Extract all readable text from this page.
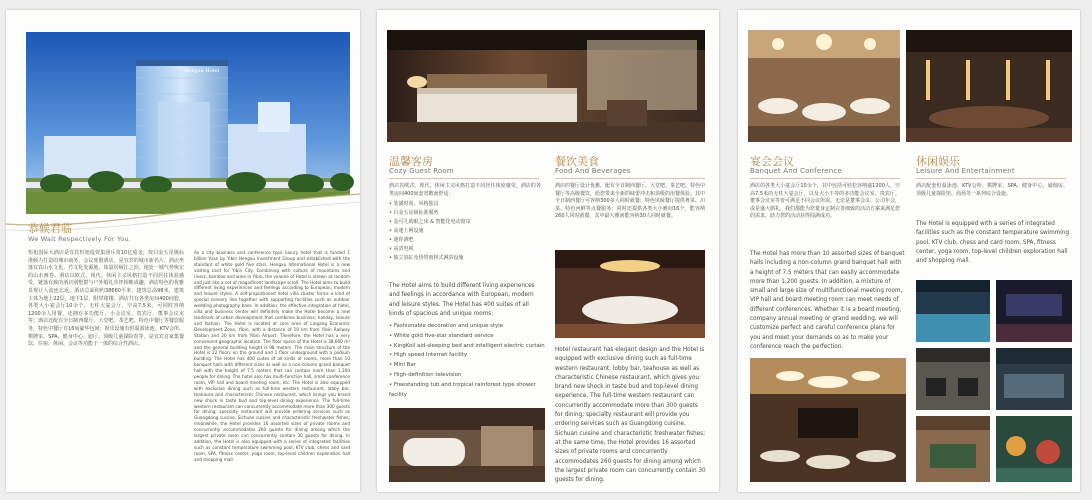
Hengxu Hotel
恭候君临
We Wait Respectively For You.
恒旭国际大酒店是宜宾恒旭投资集团斥资10亿重金，按白金五星级标准倾力打造的城市商务、会议度假酒店，是宜宾的城市新名片。酒店坐落宜宾山水文化、竹文化发源地，体量居岷江之滨，地处一城气势恢宏的山水画卷。酒店以欧式、现代、休闲主义风格打造不同居住体验感受。链落有致的酒店别墅群与户外婚礼草坪相映成趣，酒店特色的优雅景观让人流连忘返，酒店总面积约38660平米，建筑总高98米，建筑主体为地上22层，地下1层，附带裙楼。酒店共有各类房间400间套，各类大小宴会厅10余个，无柱大宴会厅，空高7.5米，可同时容纳1200余人用餐，还拥有多功能厅、小会议室、贵宾厅、董事会议室等；酒店还配有全日制西餐厅、大堂吧、茶艺吧、特色中餐厅等餐饮服务，特色中餐厅有16间豪华包间；娱乐设施有恒温游泳池、KTV会所、棋牌室、SPA、健身中心、迪厅、顶级儿童探险馆等，是宜宾首家集餐饮、住宿、休闲、会议等功能于一体的综合性酒店。
As a city business and conference type luxury hotel that is funded 1 billion Yuan by Yibin Hengxu Investment Group and established with the standard of white gold five stars, Hengxu International Hotel is a new visiting card for Yibin City. Combining with culture of mountains and rivers, bamboo and wine in Yibin, the volume of Hotel is strewn at random and just like a set of magnificent landscape scroll. The Hotel aims to build different living experiences and feelings according to European, modern and leisure styles. A self-proportioned hotel villa cluster forms a kind of special scenery line together with supporting facilities such as outdoor wedding photography base. In addition, the effective integration of hotel, villa and business center will definitely make the Hotel become a new landmark of urban development that combines business, holiday, leisure and fashion. The Hotel is located at core area of Lingang Economic Development Zone, Yibin, with a distance of 10 km from Yibin Railway Station and 20 km from Yibin Airport. Therefore, the Hotel has a very convenient geographic location. The floor space of the Hotel is 38,660 m² and the general building height is 98 meters. The main structure of the Hotel is 22 floors on the ground and 1 floor underground with a podium building. The Hotel has 400 suites of all kinds of rooms, more than 10 banquet halls with different sizes as well as a non-column grand banquet hall with the height of 7.5 meters that can contain more than 1,200 people for dining. The hotel also has multi-function hall, small conference room, VIP hall and board meeting room, etc. The Hotel is also equipped with exclusive dining such as full-time western restaurant, lobby bar, teahouse and characteristic Chinese restaurant, which brings you brand new shock in taste bud and top-level dining experience. The full-time western restaurant can concurrently accommodate more than 300 guests for dining; specialty restaurant will provide ordering services such as Guangdong cuisine, Sichuan cuisine and characteristic freshwater fishes; meanwhile, the Hotel provides 16 assorted sizes of private rooms and concurrently accommodates 260 guests for dining among which the largest private room can concurrently contain 30 guests for dining. In addition, the Hotel is also equipped with a series of integrated facilities such as constant temperature swimming pool, KTV club, chess and card room, SPA, fitness center, yoga room, top-level children exploration hall and shopping mall.
温馨客房
Cozy Guest Room
酒店以欧式、现代、休闲主义风格打造不同居住体验感受，酒店的各类房间400间套宽敞而舒适：
• 装潢时尚，风格独具
• 白金五星级标准服务
• 金可儿助眠之床 & 智能化电动窗帘
• 高速上网设施
• 迷你酒吧
• 高清电视
• 独立浴缸及热带雨林式淋浴设施
The Hotel aims to build different living experiences and feelings in accordance with European, modern and leisure styles. The Hotel has 400 suites of all kinds of spacious and unique rooms:
• Fashionable decoration and unique style
• White gold five-star standard service
• KingKoil aid-sleeping bed and intelligent electric curtain
• High speed Internet facility
• Mini Bar
• High-definition television
• Freestanding tub and tropical rainforest type shower facility
餐饮美食
Food And Beverages
酒店的餐厅设计优雅，配有全日制西餐厅、大堂吧、茶艺吧、特色中餐厅等高级餐饮，给您带来全新的味蕾冲击和顶级的用餐体验。其中全日制西餐厅可容纳300多人同时就餐；特色风味餐厅提供粤菜、川菜、特色河鲜等点餐服务；同时还提供各类大小雅间16个，能容纳260人同时就餐，其中最大雅间能容纳30人同时就餐。
Hotel restaurant has elegant design and the Hotel is equipped with exclusive dining such as full-time western restaurant, lobby bar, teahouse as well as characteristic Chinese restaurant, which gives you brand new shock in taste bud and top-level dining experience. The full-time western restaurant can concurrently accommodate more than 300 guests for dining; specialty restaurant will provide you ordering services such as Guangdong cuisine, Sichuan cuisine and characteristic freshwater fishes; at the same time, the Hotel provides 16 assorted sizes of private rooms and concurrently accommodates 260 guests for dining among which the largest private room can concurrently contain 30 guests for dining.
宴会会议
Banquet And Conference
酒店的各类大小宴会厅10余个，其中包括可轻松容纳逾1200人，空高7.5米的无柱大宴会厅，以及大小不等的多功能会议室、贵宾厅、董事会议室等皆可满足不同会议所需。无论是董事会议、公司年会，或是盛大婚礼，我们都能为您量身定制完善细致的活动方案来满足您的需求，助力您的活动获得圆满成功。
The Hotel has more than 10 assorted sizes of banquet halls including a non-column grand banquet hall with a height of 7.5 meters that can easily accommodate more than 1,200 guests. In addition, a mixture of small and large size of multifunctional meeting room, VIP hall and board meeting room can meet needs of different conferences. Whether it is a board meeting, company annual meeting or grand wedding, we will customize perfect and careful conference plans for you and meet your demands so as to make your conference reach the perfection.
休闲娱乐
Leisure And Entertainment
酒店配套恒温泳池、KTV会所、棋牌室、SPA、健身中心、瑜伽房、顶级儿童探险馆、商场等一系列综合设施。
The Hotel is equipped with a series of integrated facilities such as the constant temperature swimming pool, KTV club, chess and card room, SPA, fitness center, yoga room, top-level children exploration hall and shopping mall.
